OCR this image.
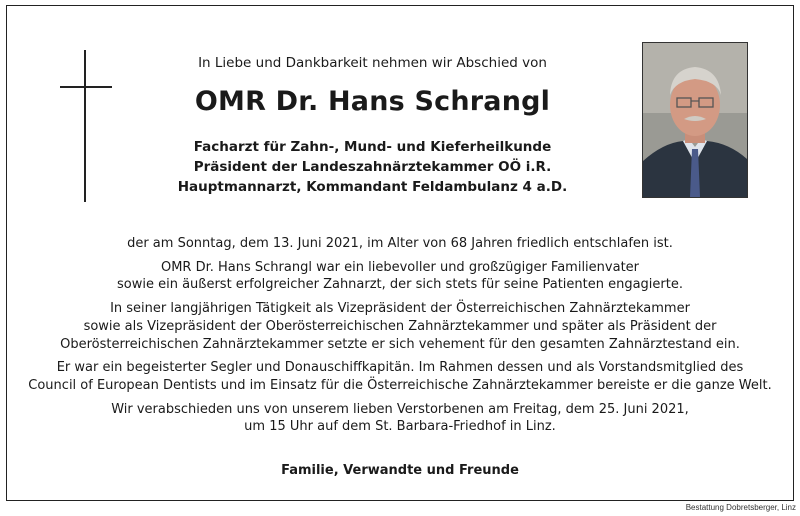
In Liebe und Dankbarkeit nehmen wir Abschied von
OMR Dr. Hans Schrangl
Facharzt für Zahn-, Mund- und Kieferheilkunde
Präsident der Landeszahnärztekammer OÖ i.R.
Hauptmannarzt, Kommandant Feldambulanz 4 a.D.

der am Sonntag, dem 13. Juni 2021, im Alter von 68 Jahren friedlich entschlafen ist.

OMR Dr. Hans Schrangl war ein liebevoller und großzügiger Familienvater
sowie ein äußerst erfolgreicher Zahnarzt, der sich stets für seine Patienten engagierte.

In seiner langjährigen Tätigkeit als Vizepräsident der Österreichischen Zahnärztekammer
sowie als Vizepräsident der Oberösterreichischen Zahnärztekammer und später als Präsident der
Oberösterreichischen Zahnärztekammer setzte er sich vehement für den gesamten Zahnärztestand ein.

Er war ein begeisterter Segler und Donauschiffkapitän. Im Rahmen dessen und als Vorstandsmitglied des
Council of European Dentists und im Einsatz für die Österreichische Zahnärztekammer bereiste er die ganze Welt.

Wir verabschieden uns von unserem lieben Verstorbenen am Freitag, dem 25. Juni 2021,
um 15 Uhr auf dem St. Barbara-Friedhof in Linz.

Familie, Verwandte und Freunde
Bestattung Dobretsberger, Linz
